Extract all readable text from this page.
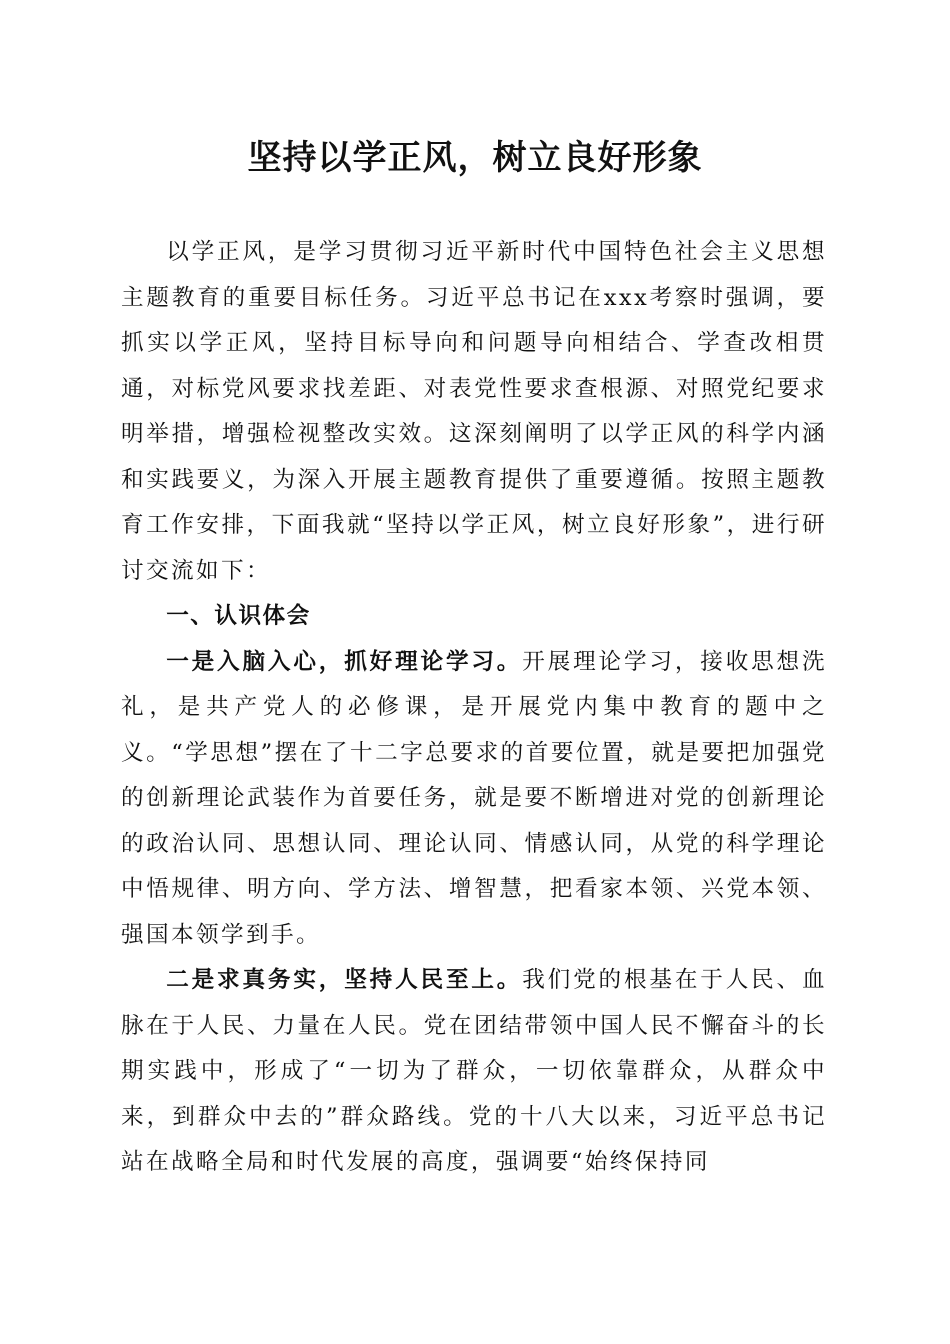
坚持以学正风，树立良好形象

以学正风，是学习贯彻习近平新时代中国特色社会主义思想主题教育的重要目标任务。习近平总书记在xxx考察时强调，要抓实以学正风，坚持目标导向和问题导向相结合、学查改相贯通，对标党风要求找差距、对表党性要求查根源、对照党纪要求明举措，增强检视整改实效。这深刻阐明了以学正风的科学内涵和实践要义，为深入开展主题教育提供了重要遵循。按照主题教育工作安排，下面我就“坚持以学正风，树立良好形象”，进行研讨交流如下：

一、认识体会

一是入脑入心，抓好理论学习。开展理论学习，接收思想洗礼，是共产党人的必修课，是开展党内集中教育的题中之义。“学思想”摆在了十二字总要求的首要位置，就是要把加强党的创新理论武装作为首要任务，就是要不断增进对党的创新理论的政治认同、思想认同、理论认同、情感认同，从党的科学理论中悟规律、明方向、学方法、增智慧，把看家本领、兴党本领、强国本领学到手。

二是求真务实，坚持人民至上。我们党的根基在于人民、血脉在于人民、力量在人民。党在团结带领中国人民不懈奋斗的长期实践中，形成了“一切为了群众，一切依靠群众，从群众中来，到群众中去的”群众路线。党的十八大以来，习近平总书记站在战略全局和时代发展的高度，强调要“始终保持同
